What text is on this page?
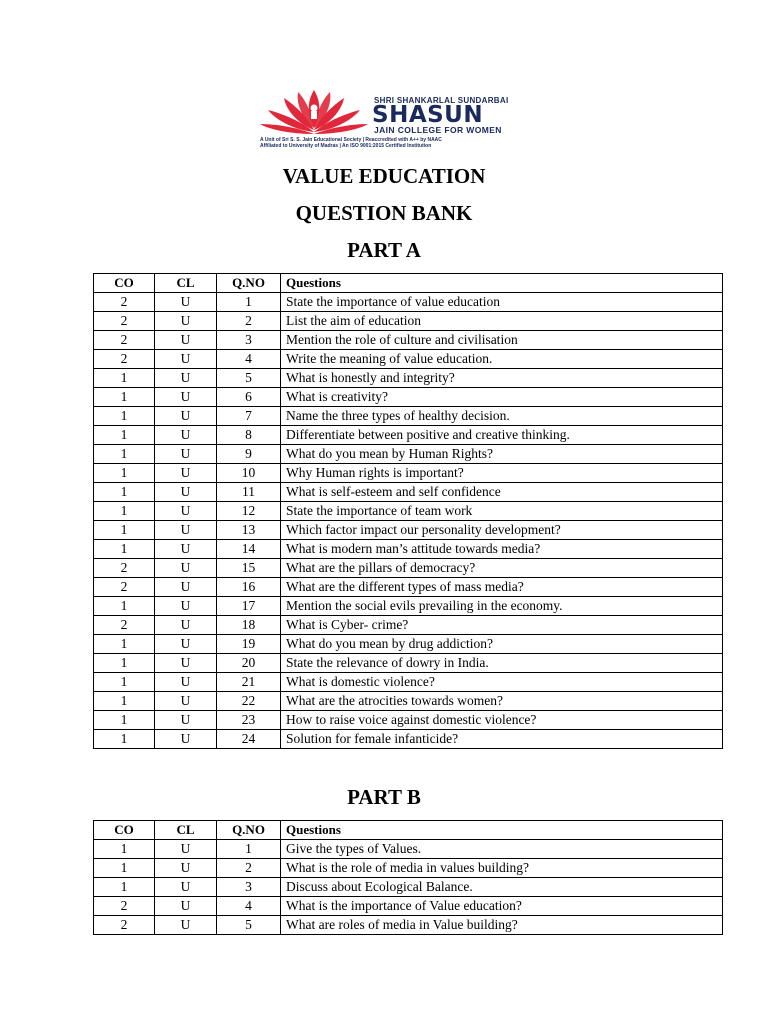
SHRI SHANKARLAL SUNDARBAI
SHASUN
JAIN COLLEGE FOR WOMEN
A Unit of Sri S. S. Jain Educational Society | Reaccredited with A++ by NAAC
Affiliated to University of Madras | An ISO 9001:2015 Certified Institution
VALUE EDUCATION
QUESTION BANK
PART A
CO	CL	Q.NO	Questions
2	U	1	State the importance of value education
2	U	2	List the aim of education
2	U	3	Mention the role of culture and civilisation
2	U	4	Write the meaning of value education.
1	U	5	What is honestly and integrity?
1	U	6	What is creativity?
1	U	7	Name the three types of healthy decision.
1	U	8	Differentiate between positive and creative thinking.
1	U	9	What do you mean by Human Rights?
1	U	10	Why Human rights is important?
1	U	11	What is self-esteem and self confidence
1	U	12	State the importance of team work
1	U	13	Which factor impact our personality development?
1	U	14	What is modern man’s attitude towards media?
2	U	15	What are the pillars of democracy?
2	U	16	What are the different types of mass media?
1	U	17	Mention the social evils prevailing in the economy.
2	U	18	What is Cyber- crime?
1	U	19	What do you mean by drug addiction?
1	U	20	State the relevance of dowry in India.
1	U	21	What is domestic violence?
1	U	22	What are the atrocities towards women?
1	U	23	How to raise voice against domestic violence?
1	U	24	Solution for female infanticide?
PART B
CO	CL	Q.NO	Questions
1	U	1	Give the types of Values.
1	U	2	What is the role of media in values building?
1	U	3	Discuss about Ecological Balance.
2	U	4	What is the importance of Value education?
2	U	5	What are roles of media in Value building?
